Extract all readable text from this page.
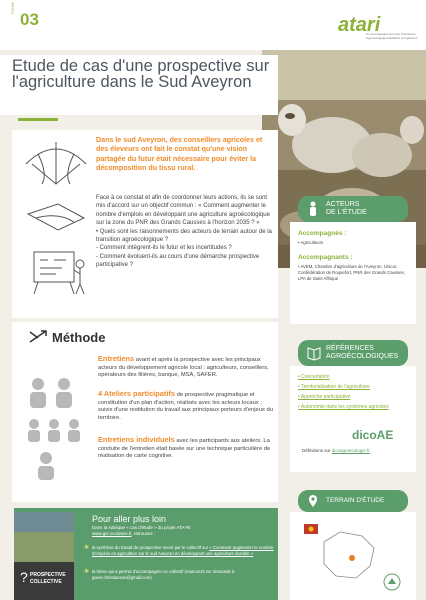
FICHE
03	atari
Un accompagnement des Transitions Agroécologiques Réfléchi et Ingénieux
Etude de cas d'une prospective sur l'agriculture dans le Sud Aveyron
Dans le sud Aveyron, des conseillers agricoles et des éleveurs ont fait le constat qu'une vision partagée du futur était nécessaire pour éviter la décomposition du tissu rural.

Face à ce constat et afin de coordonner leurs actions, ils se sont mis d'accord sur un objectif commun : « Comment augmenter le nombre d'emplois en développant une agriculture agroécologique sur la zone du PNR des Grands Causses à l'horizon 2035 ? »

• Quels sont les raisonnements des acteurs de terrain autour de la transition agroécologique ?

- Comment intègrent-ils le futur et les incertitudes ?

- Comment évoluent-ils au cours d'une démarche prospective participative ?

Méthode
Entretiens avant et après la prospective avec les principaux acteurs du développement agricole local : agriculteurs, conseillers, opérateurs des filières, banque, MSA, SAFER.
4 Ateliers participatifs de prospective pragmatique et constitution d'un plan d'action, réalisés avec les acteurs locaux ; suivis d'une restitution du travail aux principaux porteurs d'enjeux du territoire.
Entretiens individuels avec les participants aux ateliers. La conduite de l'entretien était basée sur une technique particulière de réalisation de carte cognitive.
? PROSPECTIVE
COLLECTIVE
Pour aller plus loin
Dans la rubrique « cas d'étude » du projet ATA-RI
www.gis-occitanie.fr, retrouvez :
✱ la synthèse du travail de prospective mené par le collectif sur « Comment augmenter le nombre d'emplois en agriculture sur le sud Aveyron en développant une agriculture durable »
✱ la thèse qui a permis d'accompagner ce collectif (manuscrit sur demande à gwen.christiansen@gmail.com)
ACTEURS
DE L'ÉTUDE
Accompagnés :
• Agriculteurs
Accompagnants :
• AVEM, Chambre d'agriculture de l'Aveyron, Unicor, Confédération de Roquefort, PNR des Grands Causses, LPA de Saint Affrique
RÉFÉRENCES
AGROÉCOLOGIQUES
• Concertation
• Territorialisation de l'agriculture
• Approche participative
• Autonomie dans les systèmes agricoles
dicoAE
Définitions sur dicoagroecologie.fr
TERRAIN D'ÉTUDE
